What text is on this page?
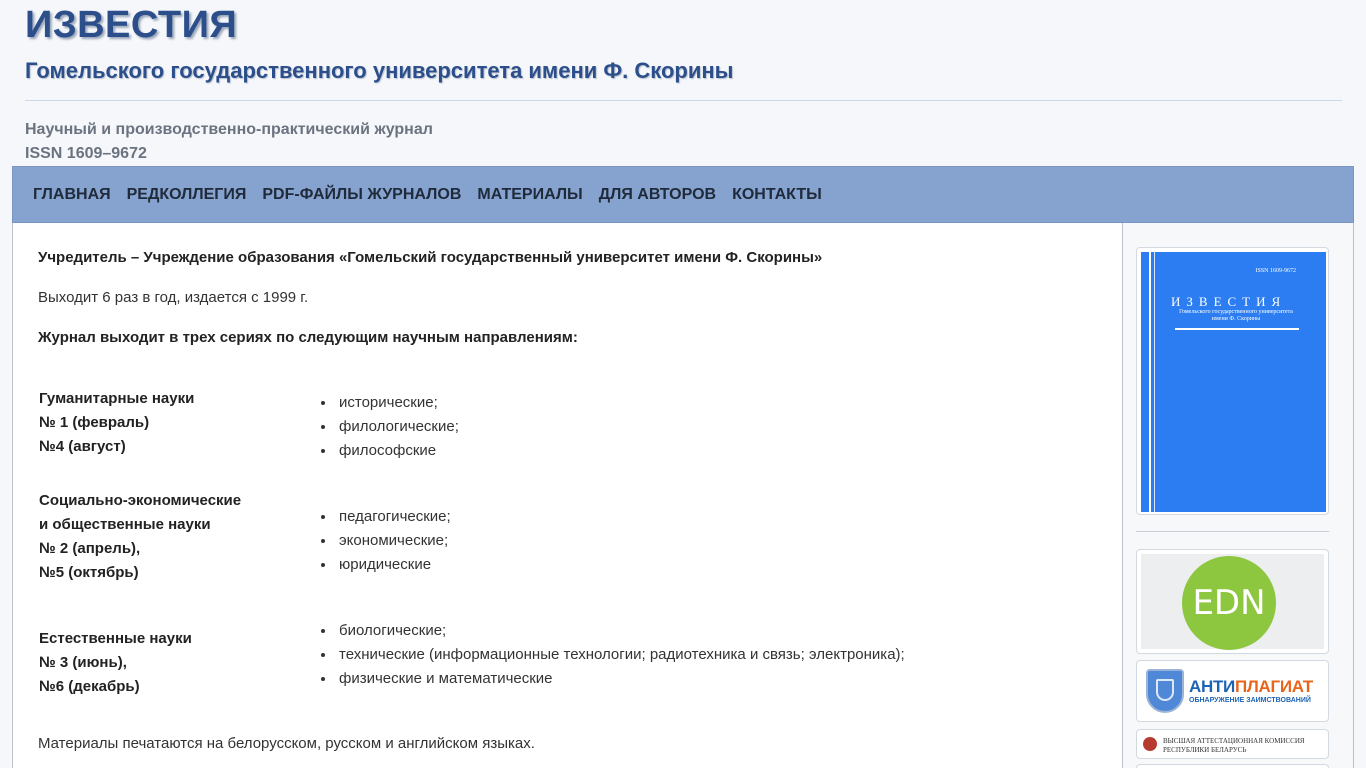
ИЗВЕСТИЯ
Гомельского государственного университета имени Ф. Скорины
Научный и производственно-практический журнал
ISSN 1609–9672
ГЛАВНАЯ РЕДКОЛЛЕГИЯ PDF-ФАЙЛЫ ЖУРНАЛОВ МАТЕРИАЛЫ ДЛЯ АВТОРОВ КОНТАКТЫ
Учредитель – Учреждение образования «Гомельский государственный университет имени Ф. Скорины»
Выходит 6 раз в год, издается с 1999 г.
Журнал выходит в трех сериях по следующим научным направлениям:
Гуманитарные науки
№ 1 (февраль)
№4 (август)
• исторические;
• филологические;
• философские
Социально-экономические
и общественные науки
№ 2 (апрель),
№5 (октябрь)
• педагогические;
• экономические;
• юридические
Естественные науки
№ 3 (июнь),
№6 (декабрь)
• биологические;
• технические (информационные технологии; радиотехника и связь; электроника);
• физические и математические
Материалы печатаются на белорусском, русском и английском языках.
ISSN 1609-9672
ИЗВЕСТИЯ
Гомельского государственного университета имени Ф. Скорины
EDN
АНТИПЛАГИАТ
ОБНАРУЖЕНИЕ ЗАИМСТВОВАНИЙ
ВЫСШАЯ АТТЕСТАЦИОННАЯ КОМИССИЯ
РЕСПУБЛИКИ БЕЛАРУСЬ
